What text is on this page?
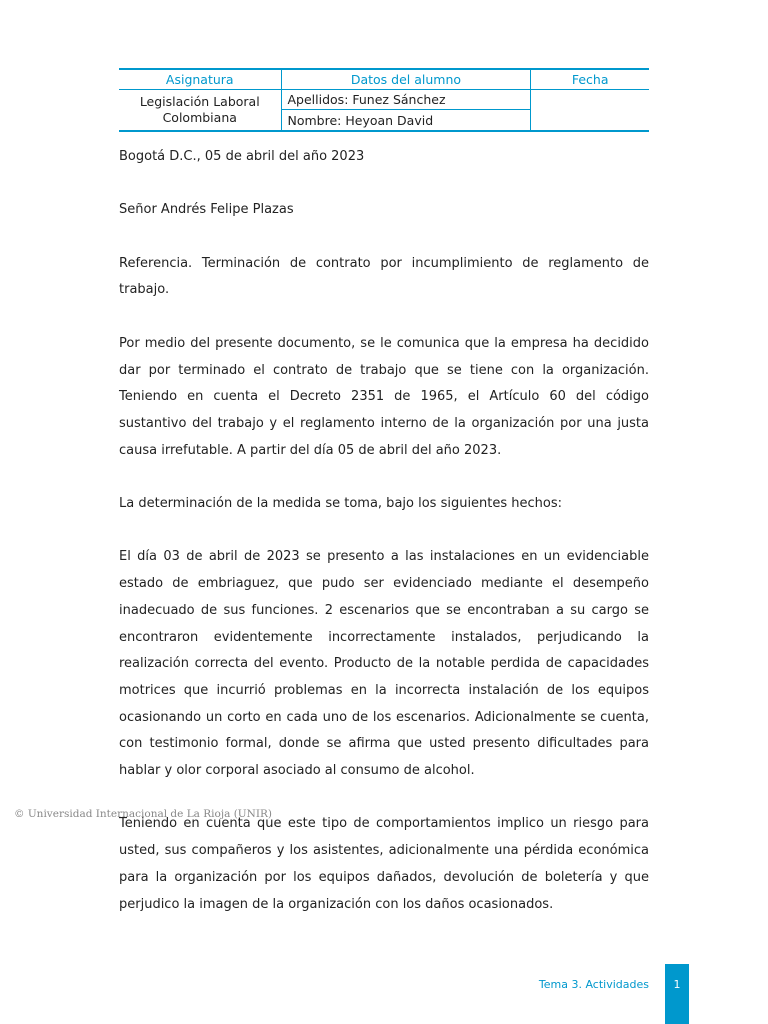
Asignatura	Datos del alumno	Fecha
Legislación Laboral
Colombiana	Apellidos: Funez Sánchez	
	Nombre: Heyoan David	

Bogotá D.C., 05 de abril del año 2023

Señor Andrés Felipe Plazas

Referencia. Terminación de contrato por incumplimiento de reglamento de trabajo.

Por medio del presente documento, se le comunica que la empresa ha decidido dar por terminado el contrato de trabajo que se tiene con la organización. Teniendo en cuenta el Decreto 2351 de 1965, el Artículo 60 del código sustantivo del trabajo y el reglamento interno de la organización por una justa causa irrefutable. A partir del día 05 de abril del año 2023.

La determinación de la medida se toma, bajo los siguientes hechos:

El día 03 de abril de 2023 se presento a las instalaciones en un evidenciable estado de embriaguez, que pudo ser evidenciado mediante el desempeño inadecuado de sus funciones. 2 escenarios que se encontraban a su cargo se encontraron evidentemente incorrectamente instalados, perjudicando la realización correcta del evento. Producto de la notable perdida de capacidades motrices que incurrió problemas en la incorrecta instalación de los equipos ocasionando un corto en cada uno de los escenarios. Adicionalmente se cuenta, con testimonio formal, donde se afirma que usted presento dificultades para hablar y olor corporal asociado al consumo de alcohol.

Teniendo en cuenta que este tipo de comportamientos implico un riesgo para usted, sus compañeros y los asistentes, adicionalmente una pérdida económica para la organización por los equipos dañados, devolución de boletería y que perjudico la imagen de la organización con los daños ocasionados.

© Universidad Internacional de La Rioja (UNIR)
Tema 3. Actividades	1
